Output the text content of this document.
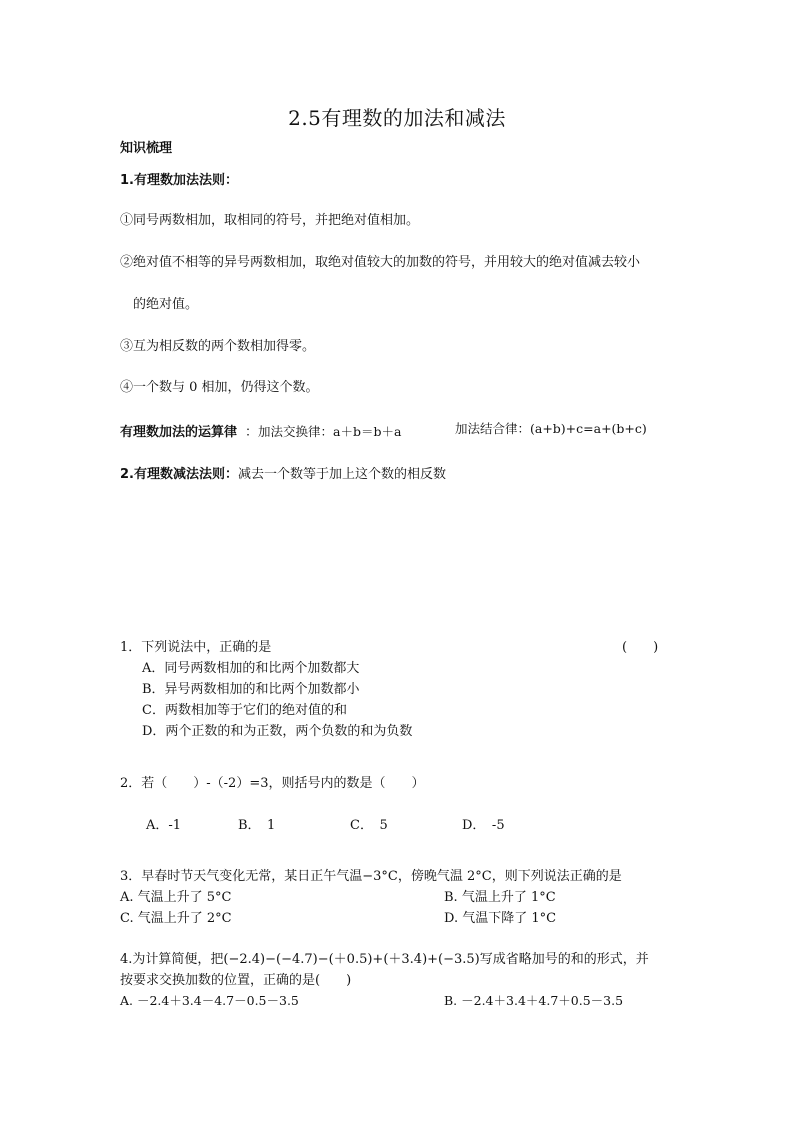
2.5有理数的加法和减法
知识梳理
1.有理数加法法则：
①同号两数相加，取相同的符号，并把绝对值相加。
②绝对值不相等的异号两数相加，取绝对值较大的加数的符号，并用较大的绝对值减去较小
的绝对值。
③互为相反数的两个数相加得零。
④一个数与 0 相加，仍得这个数。
有理数加法的运算律 ：加法交换律：a＋b＝b＋a	加法结合律：(a+b)+c=a+(b+c)
2.有理数减法法则：减去一个数等于加上这个数的相反数
1．下列说法中，正确的是	(　　)
A．同号两数相加的和比两个加数都大
B．异号两数相加的和比两个加数都小
C．两数相加等于它们的绝对值的和
D．两个正数的和为正数，两个负数的和为负数
2．若（　　）-（-2）=3，则括号内的数是（　　）
A．-1	B．　1	C．　5	D．　-5
3．早春时节天气变化无常，某日正午气温−3°C，傍晚气温 2°C，则下列说法正确的是
A. 气温上升了 5°C	B. 气温上升了 1°C
C. 气温上升了 2°C	D. 气温下降了 1°C
4.为计算简便，把(−2.4)−(−4.7)−(＋0.5)+(＋3.4)+(−3.5)写成省略加号的和的形式，并
按要求交换加数的位置，正确的是(　　)
A. －2.4＋3.4－4.7－0.5－3.5	B. －2.4＋3.4＋4.7＋0.5－3.5
